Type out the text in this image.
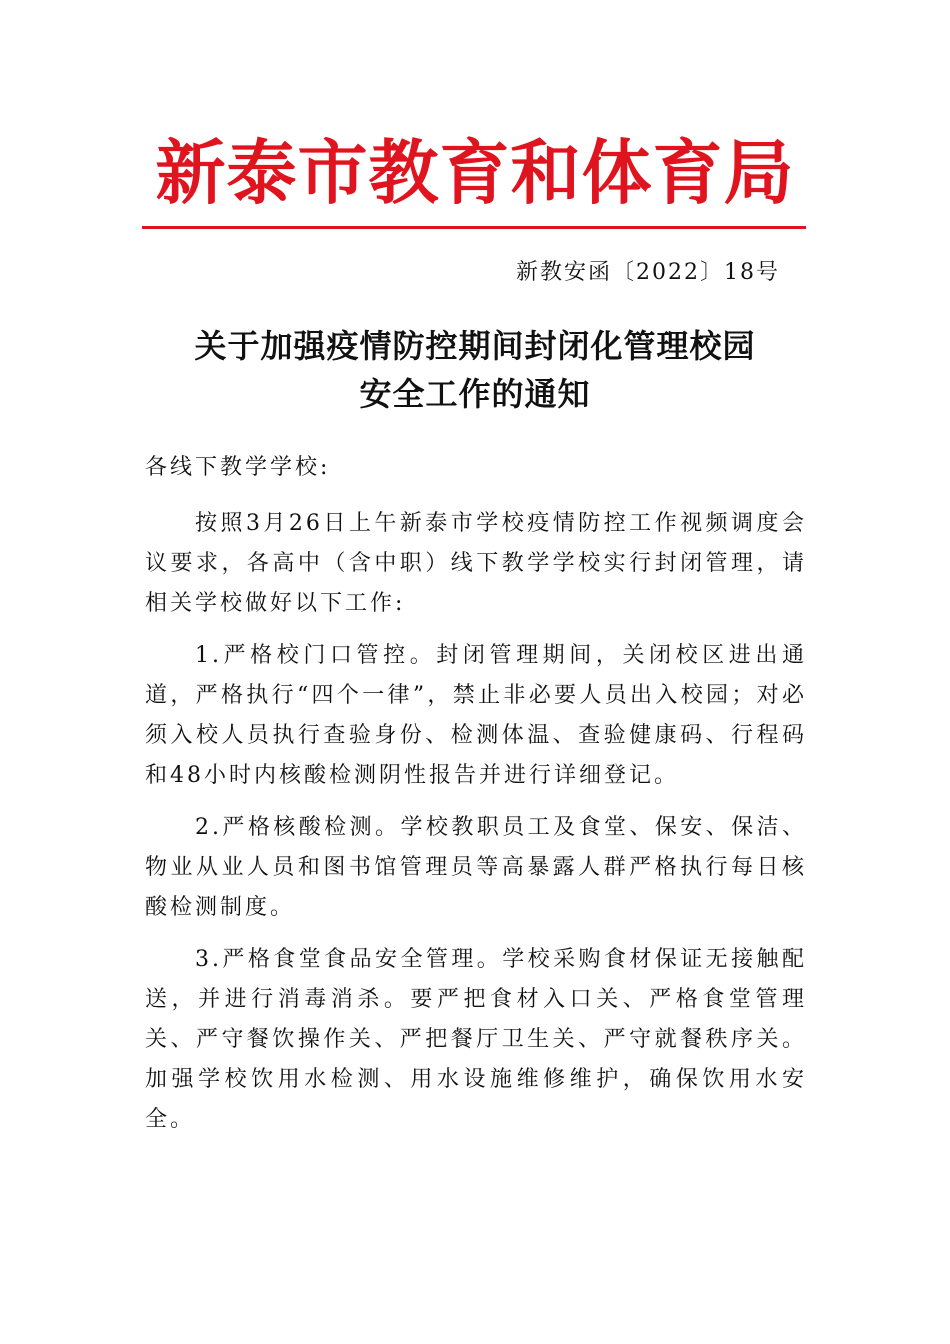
新泰市教育和体育局
新教安函〔2022〕18号
关于加强疫情防控期间封闭化管理校园
安全工作的通知

各线下教学学校:

按照3月26日上午新泰市学校疫情防控工作视频调度会议要求，各高中（含中职）线下教学学校实行封闭管理，请相关学校做好以下工作:

1.严格校门口管控。封闭管理期间，关闭校区进出通道，严格执行“四个一律”，禁止非必要人员出入校园；对必须入校人员执行查验身份、检测体温、查验健康码、行程码和48小时内核酸检测阴性报告并进行详细登记。

2.严格核酸检测。学校教职员工及食堂、保安、保洁、物业从业人员和图书馆管理员等高暴露人群严格执行每日核酸检测制度。

3.严格食堂食品安全管理。学校采购食材保证无接触配送，并进行消毒消杀。要严把食材入口关、严格食堂管理关、严守餐饮操作关、严把餐厅卫生关、严守就餐秩序关。加强学校饮用水检测、用水设施维修维护，确保饮用水安全。
